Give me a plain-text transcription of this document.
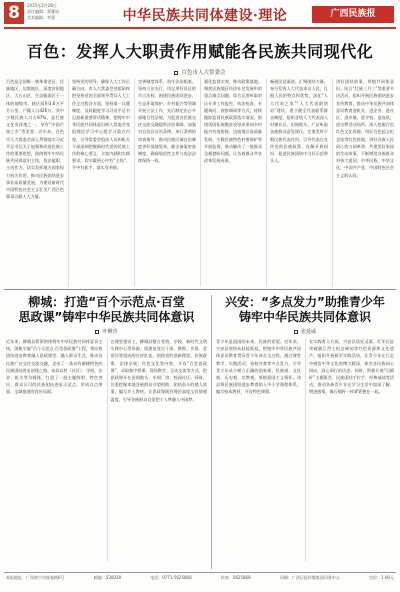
8	2025年2月28日
责任编辑：覃雅姣
美术编辑：李强	中华民族共同体建设·理论	广西民族报
百色：发挥人大职责作用赋能各民族共同现代化
百色市人大常委会
百色是全国唯一集革命老区、民族地区、边境地区、深度贫困地区、大石山区、生态脆弱区于一体的地级市，辖区面积3.6万平方公里，户籍人口426万，其中少数民族人口占87%，是壮族文化发祥地之一，享有“中国芒果之乡”等美誉。近年来，百色市人大常委会深入贯彻落实习近平总书记关于加强和改进民族工作的重要思想，围绕铸牢中华民族共同体意识主线，依法履职、主动作为，切实发挥地方国家权力机关作用，推动民族团结进步事业高质量发展，为建设新时代中国特色社会主义壮美广西百色篇章贡献人大力量。
坚持党的领导，确保人大工作正确方向。市人大常委会党组始终把坚持党的全面领导贯穿人大工作全过程各方面，坚持第一议题制度，及时跟进学习习近平总书记最新重要讲话精神，把铸牢中华民族共同体意识纳入常委会党组理论学习中心组学习重点内容，引导常委会组成人员和机关干部深刻把握新时代党的民族工作的核心要义、丰富内涵和实践要求，切实做到心中有“主线”、手中有抓手、落实有举措。
完善制度体系，筑牢法治根基。坚持立法先行，用足用好设区的市立法权，围绕民族团结进步、生态环境保护、乡村振兴等领域开展立法工作，先后制定出台多部地方性法规，为促进各民族交往交流交融提供法治保障。加强对自治县自治条例、单行条例的审查指导，推动民族区域自治制度更好落地见效。健全备案审查制度，确保规范性文件与宪法法律保持一致。
强化监督实效，推动政策落地。聚焦民族地区经济社会发展中的重点难点问题，综合运用听取审议专项工作报告、执法检查、专题询问、视察调研等方式，持续跟踪监督民族政策落实情况。围绕巩固拓展脱贫攻坚成果同乡村振兴有效衔接、边境地区高质量发展、少数民族特色村寨保护等开展监督，推动解决了一批群众急难愁盼问题，让各族群众共享改革发展成果。
畅通民意渠道，汇聚团结力量。充分发挥人大代表来自人民、扎根人民的特点和优势，深化“人大代表之家”“人大代表联络站”建设，建立健全代表联系群众制度，组织各级人大代表深入村寨社区、田间地头，广泛听取各族群众意见建议。注重发挥少数民族代表作用，引导代表在宣传党的民族政策、化解矛盾纠纷、促进民族团结中当好示范带头人。
讲好团结故事，厚植共同体意识。结合“壮族三月三”等重要节庆活动，组织开展民族团结进步宣传教育，推动中华民族共同体意识教育进机关、进企业、进社区、进乡镇、进学校、进连队、进宗教活动场所。深入挖掘百色红色文化资源，用好百色起义纪念馆等红色阵地，讲好各族人民同心协力闹革命、共建美好家园的生动故事，不断增进各族群众对伟大祖国、中华民族、中华文化、中国共产党、中国特色社会主义的认同。
柳城：打造“百个示范点·百堂
思政课”铸牢中华民族共同体意识
叶柳青
近年来，柳城县紧紧围绕铸牢中华民族共同体意识主线，创新实施“百个示范点·百堂思政课”工程，将民族团结进步教育融入思政课堂、融入群众生活，推动各民族广泛交往交流交融，走出了一条具有柳城特色的民族团结进步创建之路。该县以村（社区）、学校、企业、机关等为载体，打造了一批主题鲜明、特色突出、群众认可的民族团结进步示范点，形成以点带面、全域推进的良好局面。
在课堂建设上，柳城县整合党校、学校、新时代文明实践中心等资源，组建由党员干部、教师、乡贤、老党员等组成的宣讲队伍，围绕党的创新理论、民族政策、法律法规、红色文化等内容，开设“百堂思政课”，采取集中授课、现场教学、互动交流等方式，把思政课开在田间地头、车间厂房、校园社区。同时，注重挖掘本地各族群众守望相助、团结奋斗的感人故事，编写乡土教材，让思政课既有理论高度又有情感温度，引导各族群众自觉把个人梦融入中国梦。
兴安：“多点发力”助推青少年
铸牢中华民族共同体意识
张延威
青少年是祖国的未来、民族的希望。近年来，兴安县坚持从娃娃抓起，把铸牢中华民族共同体意识教育贯穿青少年成长全过程，通过课堂教学、实践活动、家校共育等多点发力，引导青少年从小树立正确的国家观、民族观、文化观、历史观、宗教观，厚植爱国主义情怀。该县将民族团结进步教育纳入中小学课程体系，编写校本教材，开设特色课程。
在实践育人方面，兴安县依托灵渠、红军长征突破湘江烈士纪念碑园等红色资源和文化遗产，组织开展研学实践活动，让青少年在行走中感悟中华文化的博大精深，体会各民族同心同向、同心同行的历史。同时，积极开展“石榴籽”主题班会、民族团结手拉手、经典诵读等活动，推动各族青少年在学习生活中加深了解、增进感情，像石榴籽一样紧紧抱在一起。
本报地址：广西南宁市桂春路6号	邮编：530028	电话：0771-5625868	传真：5625868	印刷：广西日报传媒集团印务中心	定价：1.00元
